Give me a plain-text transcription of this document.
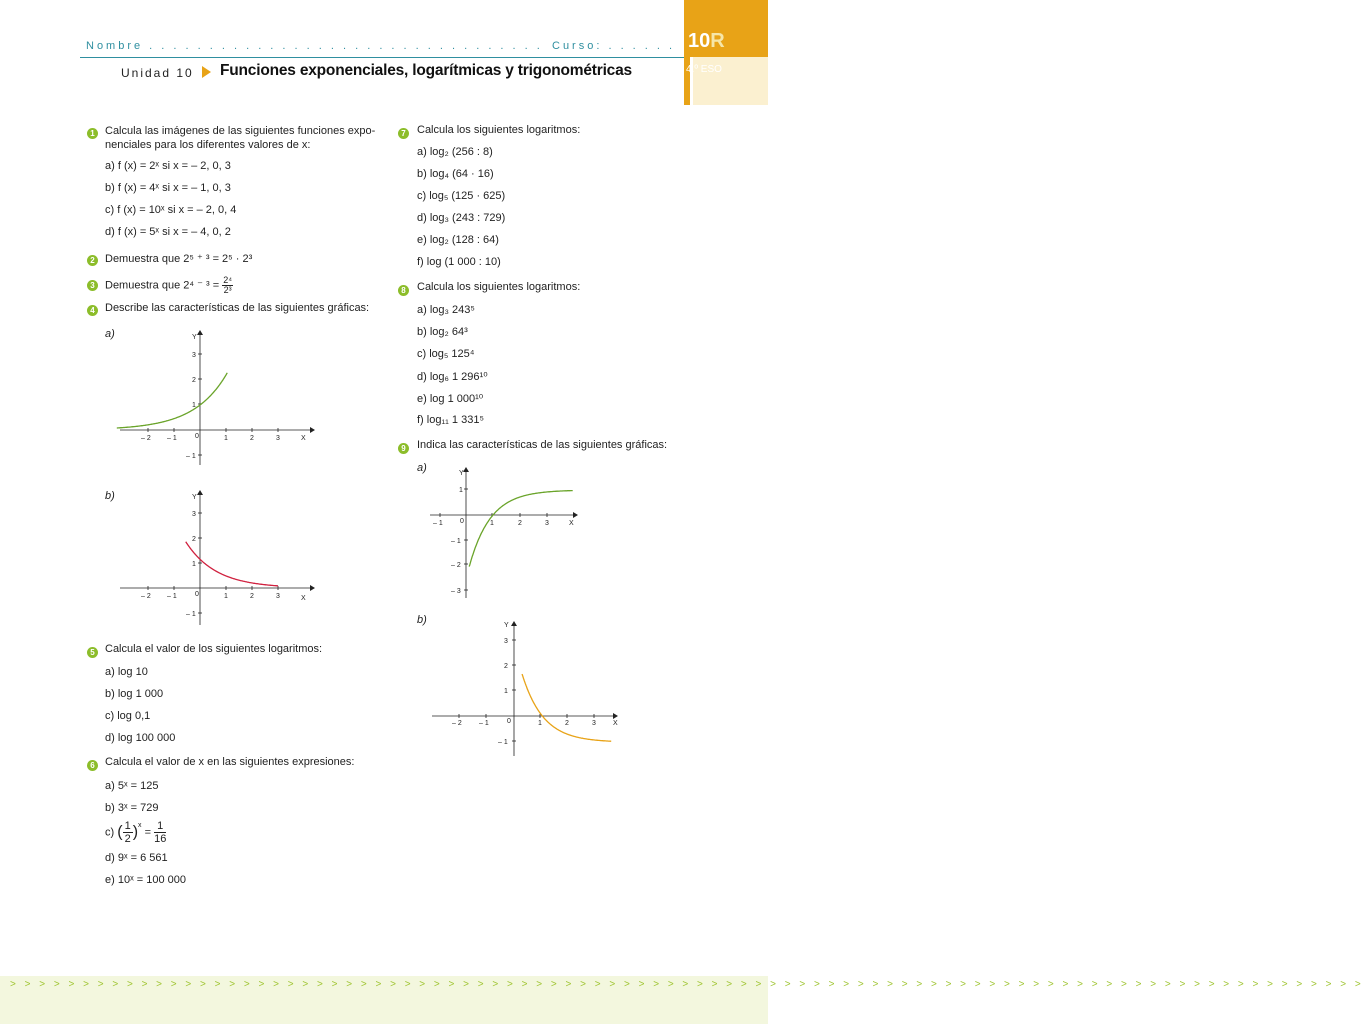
Nombre . . . . . . . . . . . . . . . . . . . . . . . . . . . . . . . . . Curso: . . . . . . 10R
4.º ESO
Unidad 10 Funciones exponenciales, logarítmicas y trigonométricas
1 Calcula las imágenes de las siguientes funciones expo-
nenciales para los diferentes valores de x:
a) f (x) = 2ˣ si x = – 2, 0, 3
b) f (x) = 4ˣ si x = – 1, 0, 3
c) f (x) = 10ˣ si x = – 2, 0, 4
d) f (x) = 5ˣ si x = – 4, 0, 2
2 Demuestra que 2⁵ ⁺ ³ = 2⁵ · 2³
3 Demuestra que 2⁴ ⁻ $^3 = \frac{\text{2⁴}}{\text{2³}}$
4 Describe las características de las siguientes gráficas:
a)
b)
Y
X
0
– 2 – 1	1	2	3
3
2
1
– 1
Y
X
0
– 2 – 1	1	2	3
3
2
1
– 1
5 Calcula el valor de los siguientes logaritmos:
a) log 10
b) log 1 000
c) log 0,1
d) log 100 000
6 Calcula el valor de x en las siguientes expresiones:
a) 5ˣ = 125
b) 3ˣ = 729
c) ( $\frac{1}{2})^x = \frac{1}{16}$
d) 9ˣ = 6 561
e) 10ˣ = 100 000
7 Calcula los siguientes logaritmos:
a) log₂ (256 : 8)
b) log₄ (64 · 16)
c) log₅ (125 · 625)
d) log₃ (243 : 729)
e) log₂ (128 : 64)
f) log (1 000 : 10)
8 Calcula los siguientes logaritmos:
a) log₃ 243⁵
b) log₂ 64³
c) log₅ 125⁴
d) log₆ 1 296¹⁰
e) log 1 000¹⁰
f) log₁₁ 1 331⁵
9 Indica las características de las siguientes gráficas:
a)
b)
Y
X
0
– 1	1	2	3
1
– 1
– 2
– 3
Y
X
0
– 2 – 1	1	2	3
3
2
1
– 1
> > > > > > > > > > > > > > > > > > > > > > > > > > > > > > > > > > > > > > > > > > > > > > > > > > > > > > > > > > > > > > > > > > > > > > > > > > > > > > > > > > > > > > > > > > > > >
